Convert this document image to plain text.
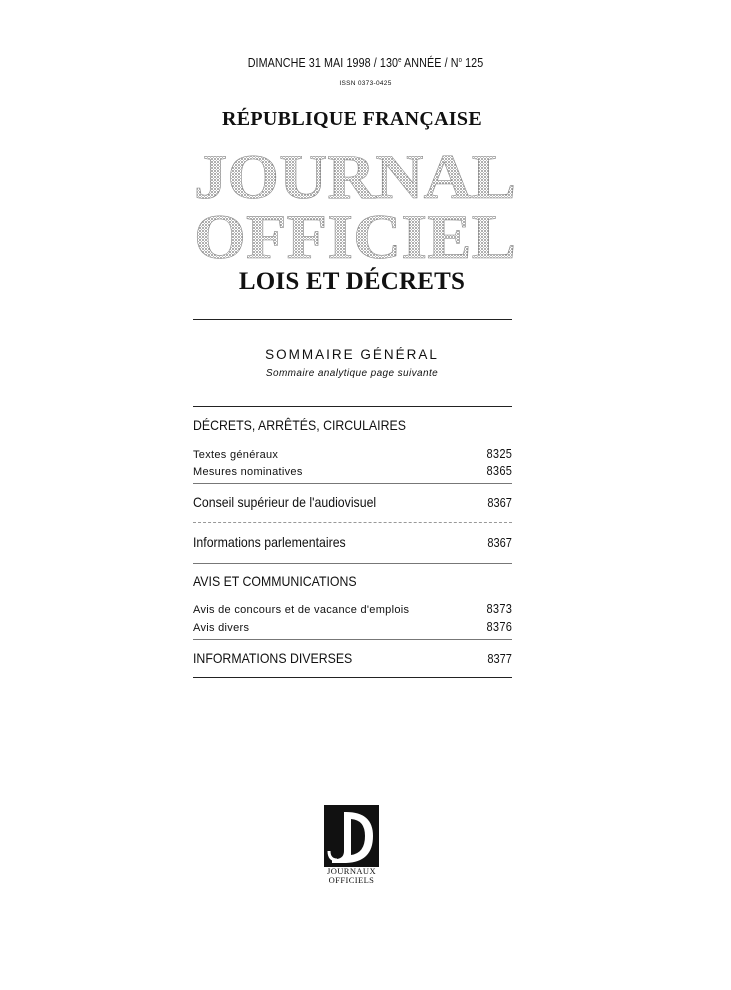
DIMANCHE 31 MAI 1998 / 130e ANNÉE / $N^o$ 125
ISSN 0373-0425
RÉPUBLIQUE FRANÇAISE
JOURNAL
OFFICIEL
LOIS ET DÉCRETS
SOMMAIRE GÉNÉRAL
Sommaire analytique page suivante
DÉCRETS, ARRÊTÉS, CIRCULAIRES
Textes généraux	8325
Mesures nominatives	8365
Conseil supérieur de l'audiovisuel	8367
Informations parlementaires	8367
AVIS ET COMMUNICATIONS
Avis de concours et de vacance d'emplois	8373
Avis divers	8376
INFORMATIONS DIVERSES	8377
JOURNAUX
OFFICIELS
